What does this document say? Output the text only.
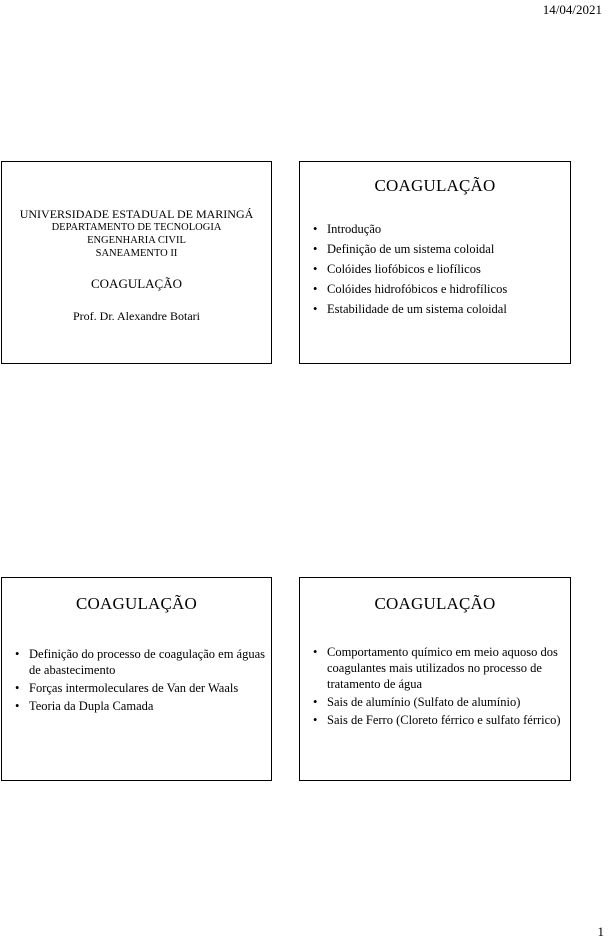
14/04/2021
UNIVERSIDADE ESTADUAL DE MARINGÁ
DEPARTAMENTO DE TECNOLOGIA
ENGENHARIA CIVIL
SANEAMENTO II
COAGULAÇÃO
Prof. Dr. Alexandre Botari
COAGULAÇÃO
• Introdução
• Definição de um sistema coloidal
• Colóides liofóbicos e liofílicos
• Colóides hidrofóbicos e hidrofílicos
• Estabilidade de um sistema coloidal
COAGULAÇÃO
• Definição do processo de coagulação em águas de abastecimento
• Forças intermoleculares de Van der Waals
• Teoria da Dupla Camada
COAGULAÇÃO
• Comportamento químico em meio aquoso dos coagulantes mais utilizados no processo de tratamento de água
• Sais de alumínio (Sulfato de alumínio)
• Sais de Ferro (Cloreto férrico e sulfato férrico)
1
